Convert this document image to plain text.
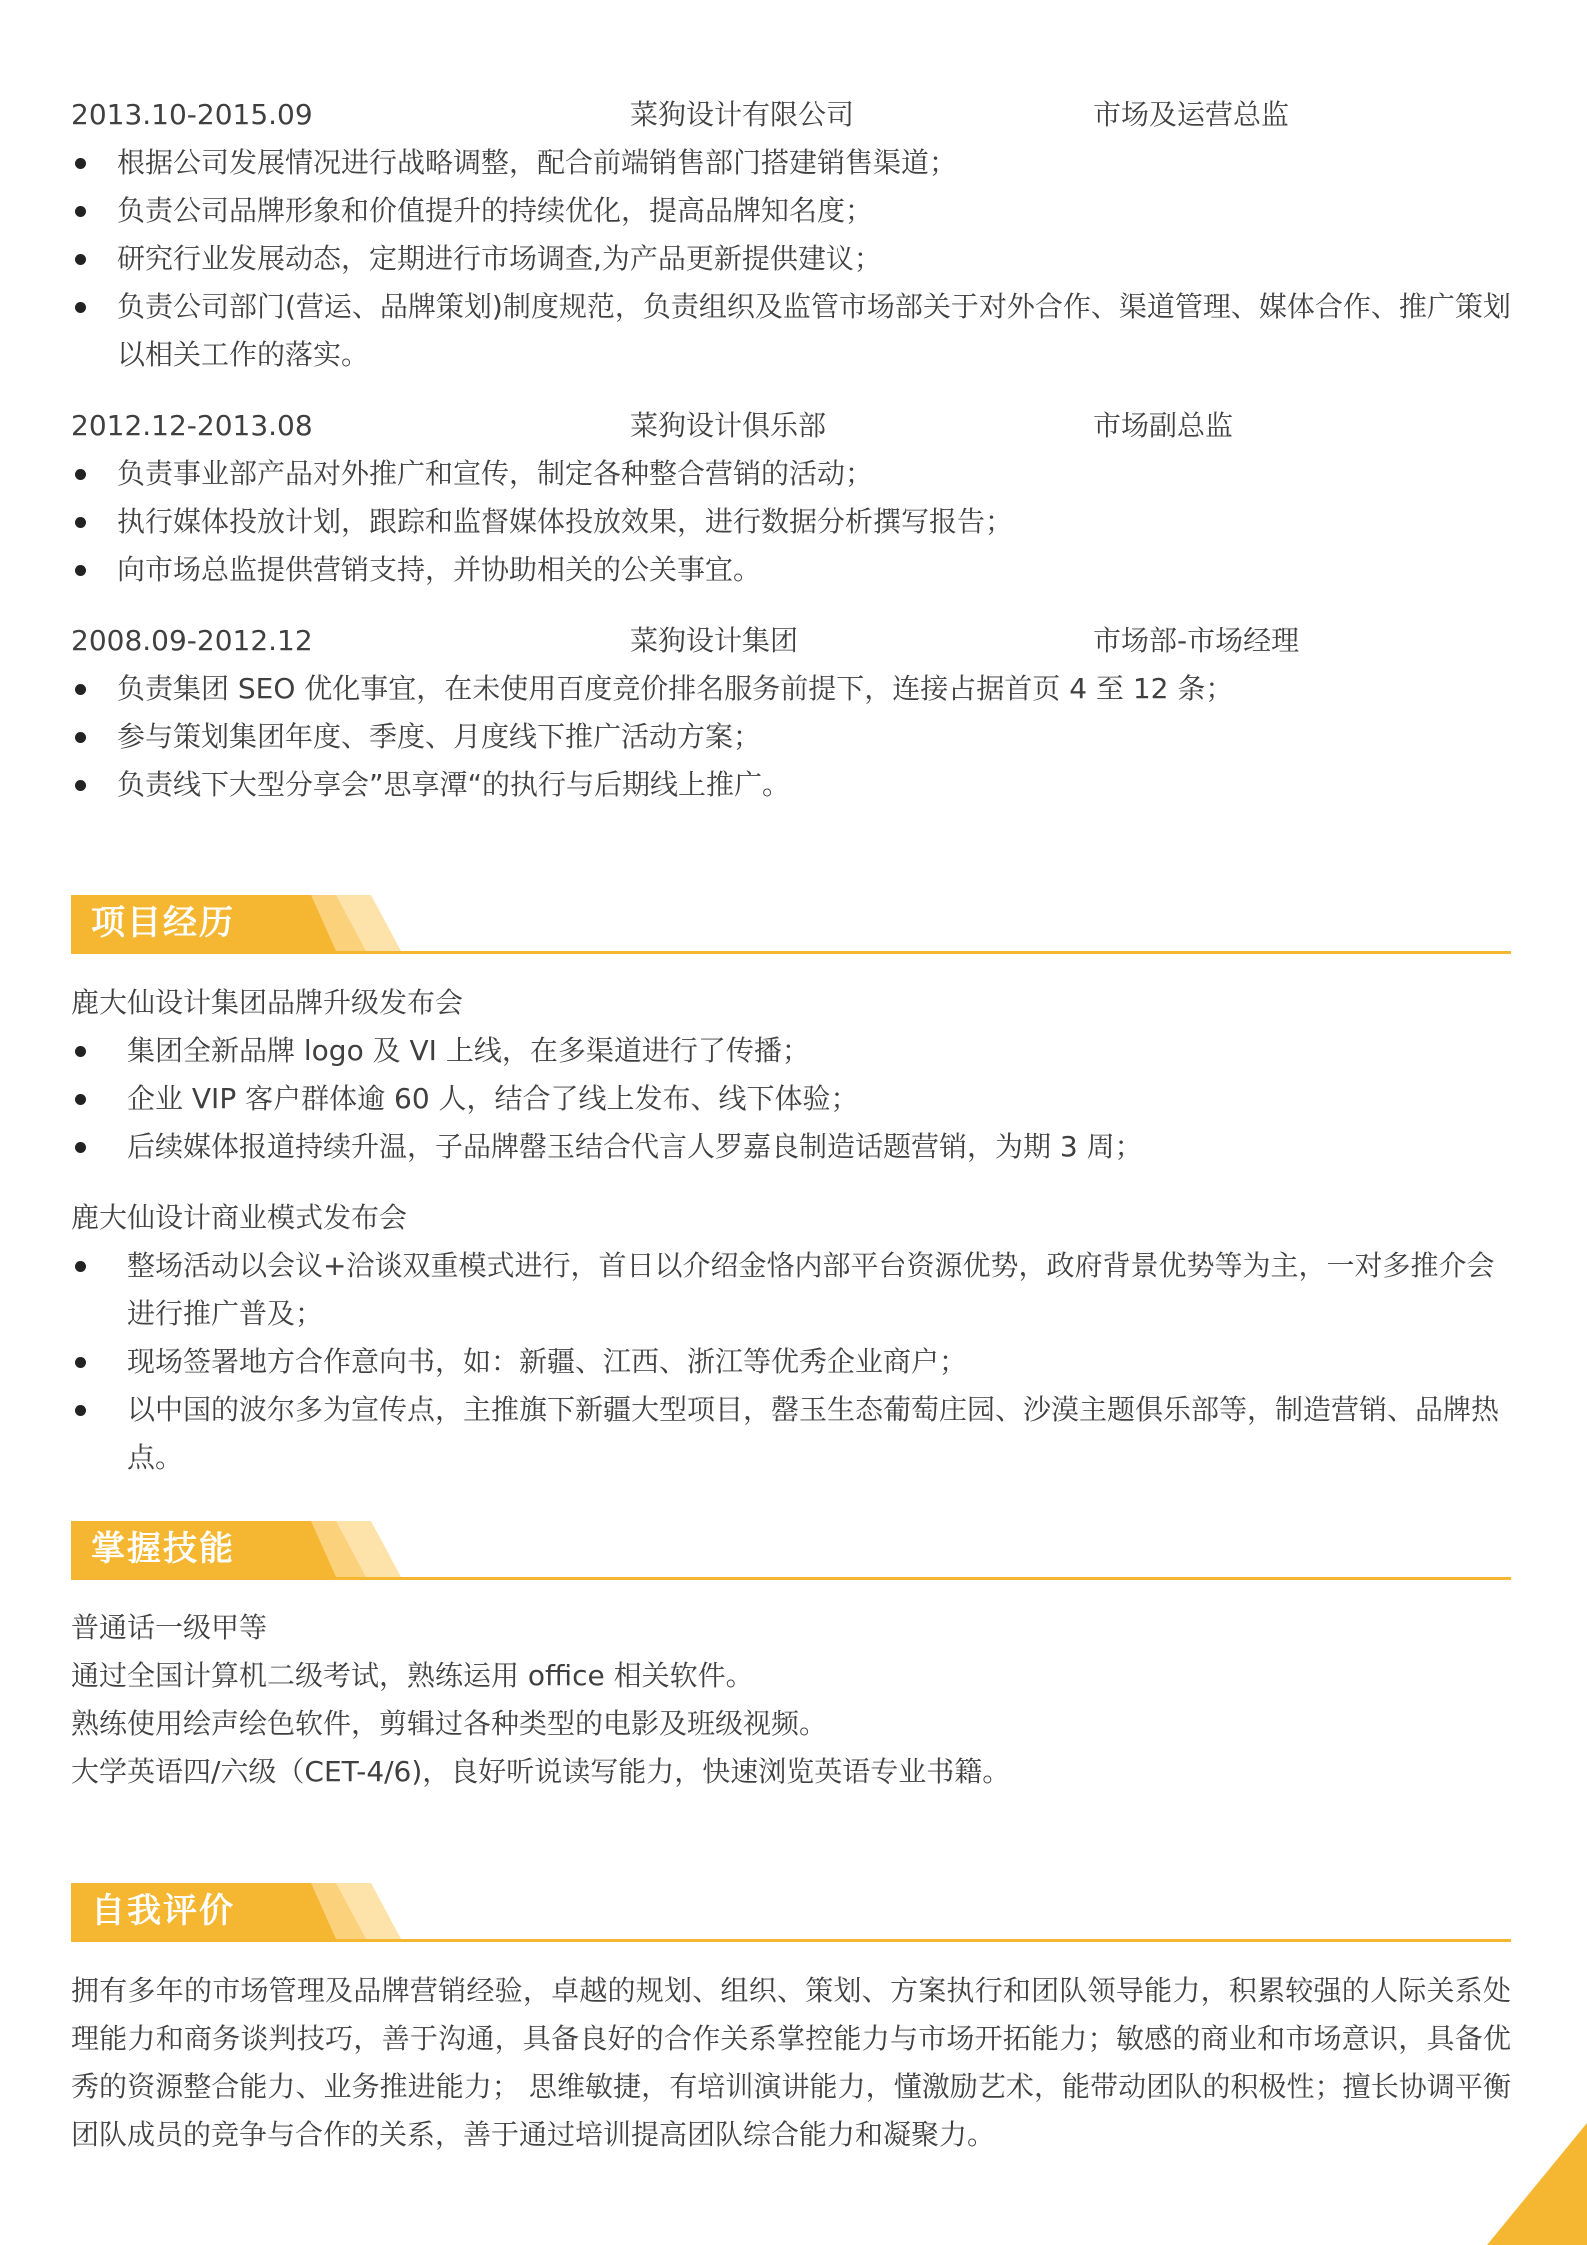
2013.10-2015.09	菜狗设计有限公司	市场及运营总监
根据公司发展情况进行战略调整，配合前端销售部门搭建销售渠道；
负责公司品牌形象和价值提升的持续优化，提高品牌知名度；
研究行业发展动态，定期进行市场调查,为产品更新提供建议；
负责公司部门(营运、品牌策划)制度规范，负责组织及监管市场部关于对外合作、渠道管理、媒体合作、推广策划以相关工作的落实。
2012.12-2013.08	菜狗设计俱乐部	市场副总监
负责事业部产品对外推广和宣传，制定各种整合营销的活动；
执行媒体投放计划，跟踪和监督媒体投放效果，进行数据分析撰写报告；
向市场总监提供营销支持，并协助相关的公关事宜。
2008.09-2012.12	菜狗设计集团	市场部-市场经理
负责集团 SEO 优化事宜，在未使用百度竞价排名服务前提下，连接占据首页 4 至 12 条；
参与策划集团年度、季度、月度线下推广活动方案；
负责线下大型分享会”思享潭“的执行与后期线上推广。
项目经历
鹿大仙设计集团品牌升级发布会
集团全新品牌 logo 及 VI 上线，在多渠道进行了传播；
企业 VIP 客户群体逾 60 人，结合了线上发布、线下体验；
后续媒体报道持续升温，子品牌罄玉结合代言人罗嘉良制造话题营销，为期 3 周；
鹿大仙设计商业模式发布会
整场活动以会议+洽谈双重模式进行，首日以介绍金恪内部平台资源优势，政府背景优势等为主，一对多推介会进行推广普及；
现场签署地方合作意向书，如：新疆、江西、浙江等优秀企业商户；
以中国的波尔多为宣传点，主推旗下新疆大型项目，罄玉生态葡萄庄园、沙漠主题俱乐部等，制造营销、品牌热点。
掌握技能
普通话一级甲等
通过全国计算机二级考试，熟练运用 office 相关软件。
熟练使用绘声绘色软件，剪辑过各种类型的电影及班级视频。
大学英语四/六级（CET-4/6)，良好听说读写能力，快速浏览英语专业书籍。
自我评价

拥有多年的市场管理及品牌营销经验，卓越的规划、组织、策划、方案执行和团队领导能力，积累较强的人际关系处理能力和商务谈判技巧，善于沟通，具备良好的合作关系掌控能力与市场开拓能力；敏感的商业和市场意识，具备优秀的资源整合能力、业务推进能力； 思维敏捷，有培训演讲能力，懂激励艺术，能带动团队的积极性；擅长协调平衡团队成员的竞争与合作的关系，善于通过培训提高团队综合能力和凝聚力。
